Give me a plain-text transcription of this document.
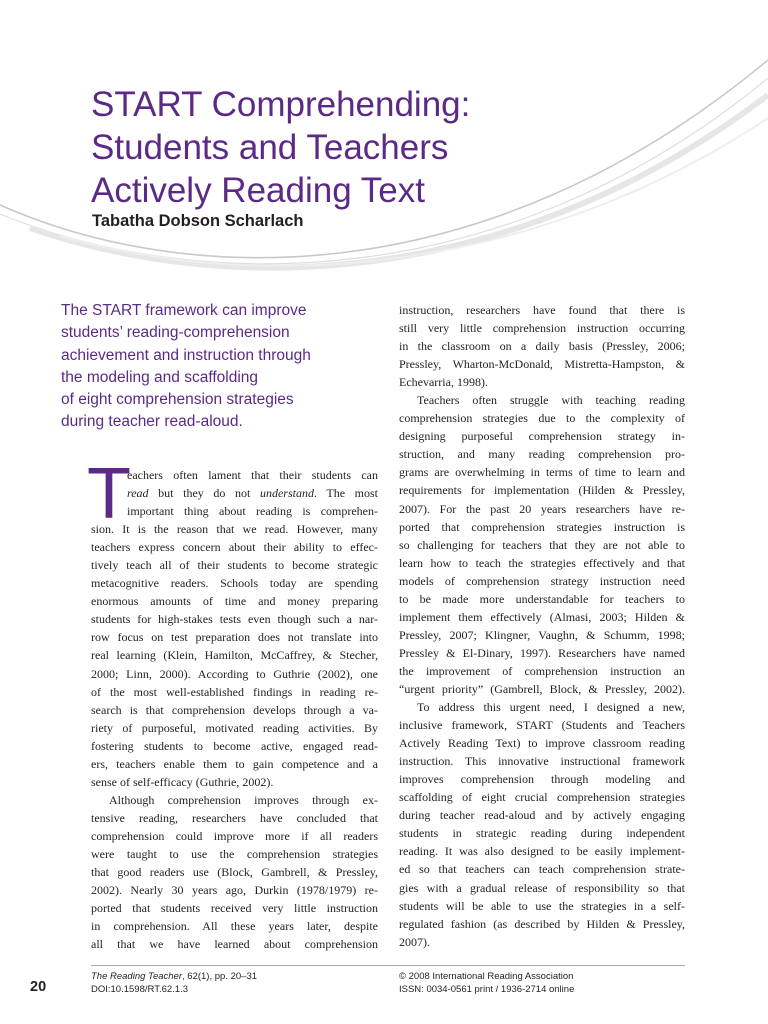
START Comprehending:
Students and Teachers
Actively Reading Text

Tabatha Dobson Scharlach

The START framework can improve
students’ reading-comprehension
achievement and instruction through
the modeling and scaffolding
of eight comprehension strategies
during teacher read-aloud.
T
eachers often lament that their students can
read but they do not understand. The most
important thing about reading is comprehen-
sion. It is the reason that we read. However, many
teachers express concern about their ability to effec-
tively teach all of their students to become strategic
metacognitive readers. Schools today are spending
enormous amounts of time and money preparing
students for high-stakes tests even though such a nar-
row focus on test preparation does not translate into
real learning (Klein, Hamilton, McCaffrey, & Stecher,
2000; Linn, 2000). According to Guthrie (2002), one
of the most well-established findings in reading re-
search is that comprehension develops through a va-
riety of purposeful, motivated reading activities. By
fostering students to become active, engaged read-
ers, teachers enable them to gain competence and a
sense of self-efficacy (Guthrie, 2002).
Although comprehension improves through ex-
tensive reading, researchers have concluded that
comprehension could improve more if all readers
were taught to use the comprehension strategies
that good readers use (Block, Gambrell, & Pressley,
2002). Nearly 30 years ago, Durkin (1978/1979) re-
ported that students received very little instruction
in comprehension. All these years later, despite
all that we have learned about comprehension
instruction, researchers have found that there is
still very little comprehension instruction occurring
in the classroom on a daily basis (Pressley, 2006;
Pressley, Wharton-McDonald, Mistretta-Hampston, &
Echevarria, 1998).
Teachers often struggle with teaching reading
comprehension strategies due to the complexity of
designing purposeful comprehension strategy in-
struction, and many reading comprehension pro-
grams are overwhelming in terms of time to learn and
requirements for implementation (Hilden & Pressley,
2007). For the past 20 years researchers have re-
ported that comprehension strategies instruction is
so challenging for teachers that they are not able to
learn how to teach the strategies effectively and that
models of comprehension strategy instruction need
to be made more understandable for teachers to
implement them effectively (Almasi, 2003; Hilden &
Pressley, 2007; Klingner, Vaughn, & Schumm, 1998;
Pressley & El-Dinary, 1997). Researchers have named
the improvement of comprehension instruction an
“urgent priority” (Gambrell, Block, & Pressley, 2002).
To address this urgent need, I designed a new,
inclusive framework, START (Students and Teachers
Actively Reading Text) to improve classroom reading
instruction. This innovative instructional framework
improves comprehension through modeling and
scaffolding of eight crucial comprehension strategies
during teacher read-aloud and by actively engaging
students in strategic reading during independent
reading. It was also designed to be easily implement-
ed so that teachers can teach comprehension strate-
gies with a gradual release of responsibility so that
students will be able to use the strategies in a self-
regulated fashion (as described by Hilden & Pressley,
2007).
20
The Reading Teacher, 62(1), pp. 20–31
DOI:10.1598/RT.62.1.3
© 2008 International Reading Association
ISSN: 0034-0561 print / 1936-2714 online
